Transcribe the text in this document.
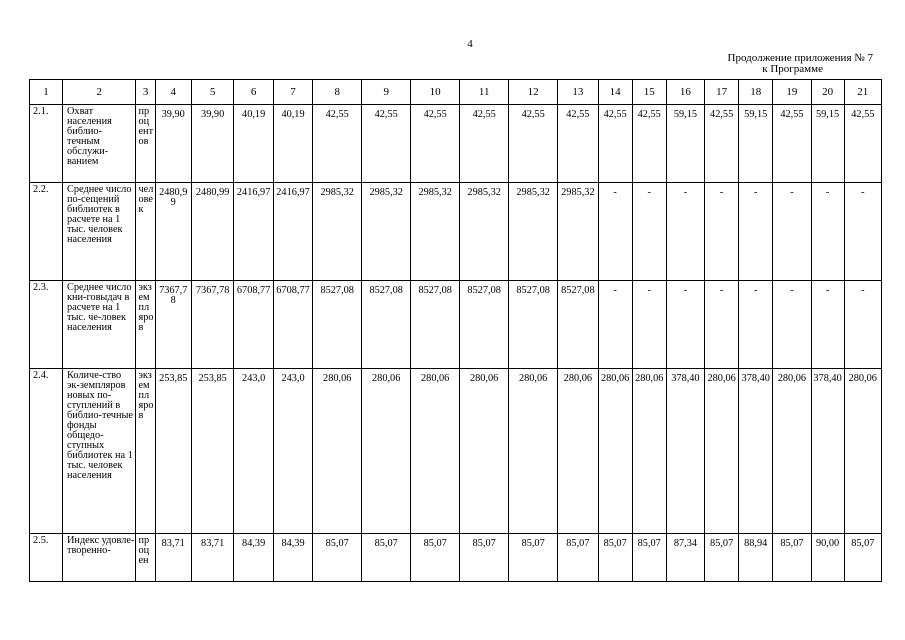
4
Продолжение приложения № 7
к Программе
1	2	3	4	5	6	7	8	9	10	11	12	13	14	15	16	17	18	19	20	21
2.1.	Охват населения библио-течным обслужи-ванием	процентов	39,90	39,90	40,19	40,19	42,55	42,55	42,55	42,55	42,55	42,55	42,55	42,55	59,15	42,55	59,15	42,55	59,15	42,55
2.2.	Среднее число по-сещений библиотек в расчете на 1 тыс. человек населения	человек	2480,99	2480,99	2416,97	2416,97	2985,32	2985,32	2985,32	2985,32	2985,32	2985,32	-	-	-	-	-	-	-	-
2.3.	Среднее число кни-говыдач в расчете на 1 тыс. че-ловек населения	экземпляров	7367,78	7367,78	6708,77	6708,77	8527,08	8527,08	8527,08	8527,08	8527,08	8527,08	-	-	-	-	-	-	-	-
2.4.	Количе-ство эк-земпляров новых по-ступлений в библио-течные фонды общедо-ступных библиотек на 1 тыс. человек населения	экземпляров	253,85	253,85	243,0	243,0	280,06	280,06	280,06	280,06	280,06	280,06	280,06	280,06	378,40	280,06	378,40	280,06	378,40	280,06
2.5.	Индекс удовле-творенно-	процен	83,71	83,71	84,39	84,39	85,07	85,07	85,07	85,07	85,07	85,07	85,07	85,07	87,34	85,07	88,94	85,07	90,00	85,07
